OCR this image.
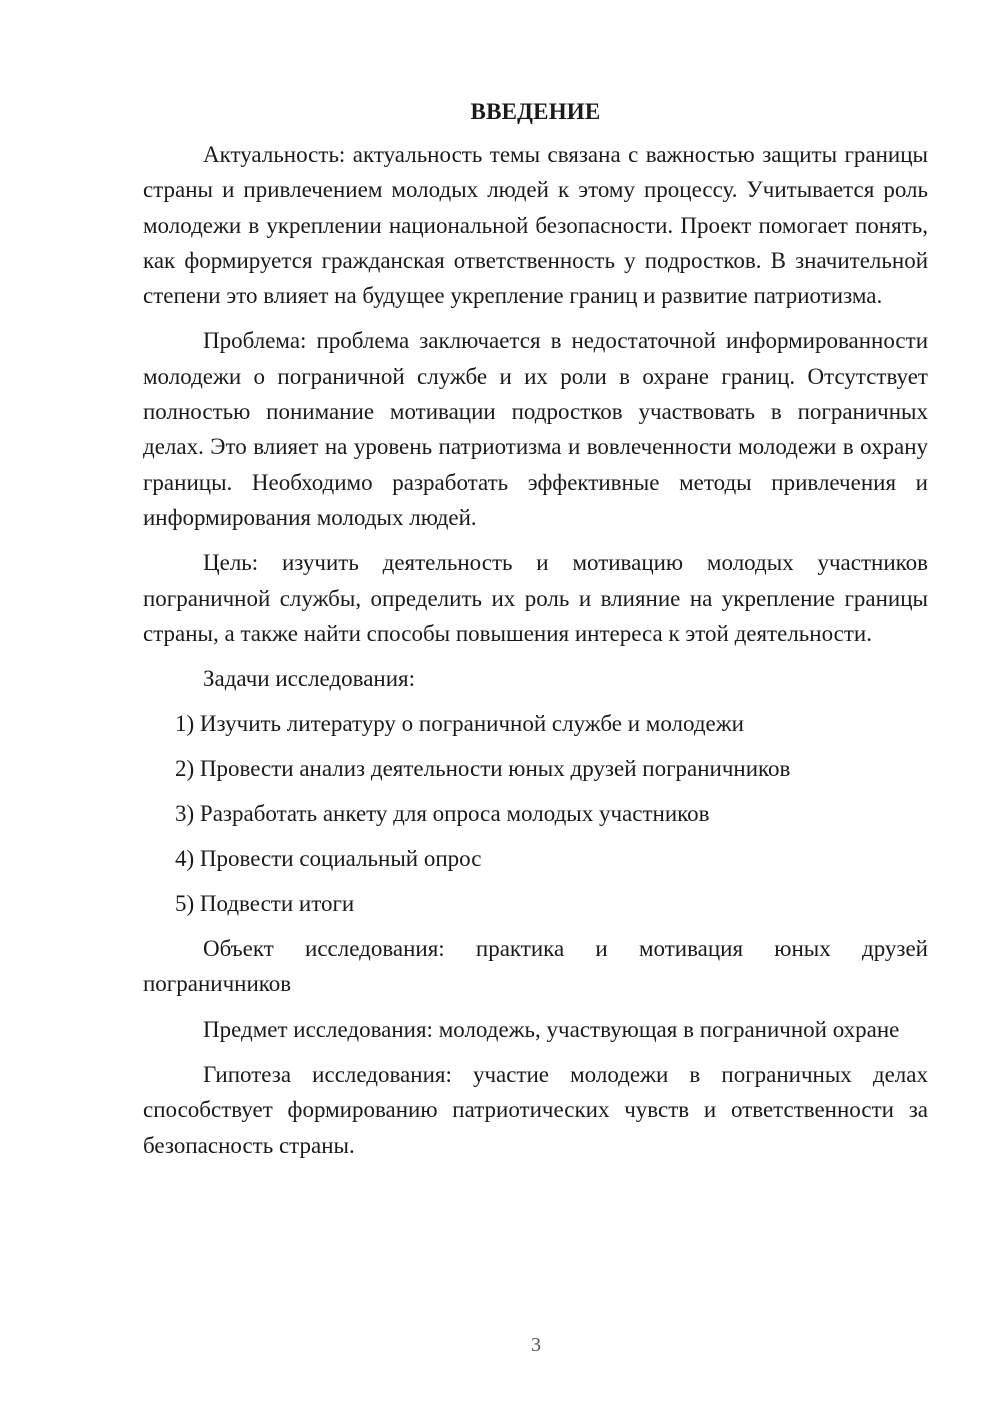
ВВЕДЕНИЕ

Актуальность: актуальность темы связана с важностью защиты границы страны и привлечением молодых людей к этому процессу. Учитывается роль молодежи в укреплении национальной безопасности. Проект помогает понять, как формируется гражданская ответственность у подростков. В значительной степени это влияет на будущее укрепление границ и развитие патриотизма.

Проблема: проблема заключается в недостаточной информированности молодежи о пограничной службе и их роли в охране границ. Отсутствует полностью понимание мотивации подростков участвовать в пограничных делах. Это влияет на уровень патриотизма и вовлеченности молодежи в охрану границы. Необходимо разработать эффективные методы привлечения и информирования молодых людей.

Цель: изучить деятельность и мотивацию молодых участников пограничной службы, определить их роль и влияние на укрепление границы страны, а также найти способы повышения интереса к этой деятельности.

Задачи исследования:

1) Изучить литературу о пограничной службе и молодежи
2) Провести анализ деятельности юных друзей пограничников
3) Разработать анкету для опроса молодых участников
4) Провести социальный опрос
5) Подвести итоги

Объект исследования: практика и мотивация юных друзей пограничников

Предмет исследования: молодежь, участвующая в пограничной охране

Гипотеза исследования: участие молодежи в пограничных делах способствует формированию патриотических чувств и ответственности за безопасность страны.

3
